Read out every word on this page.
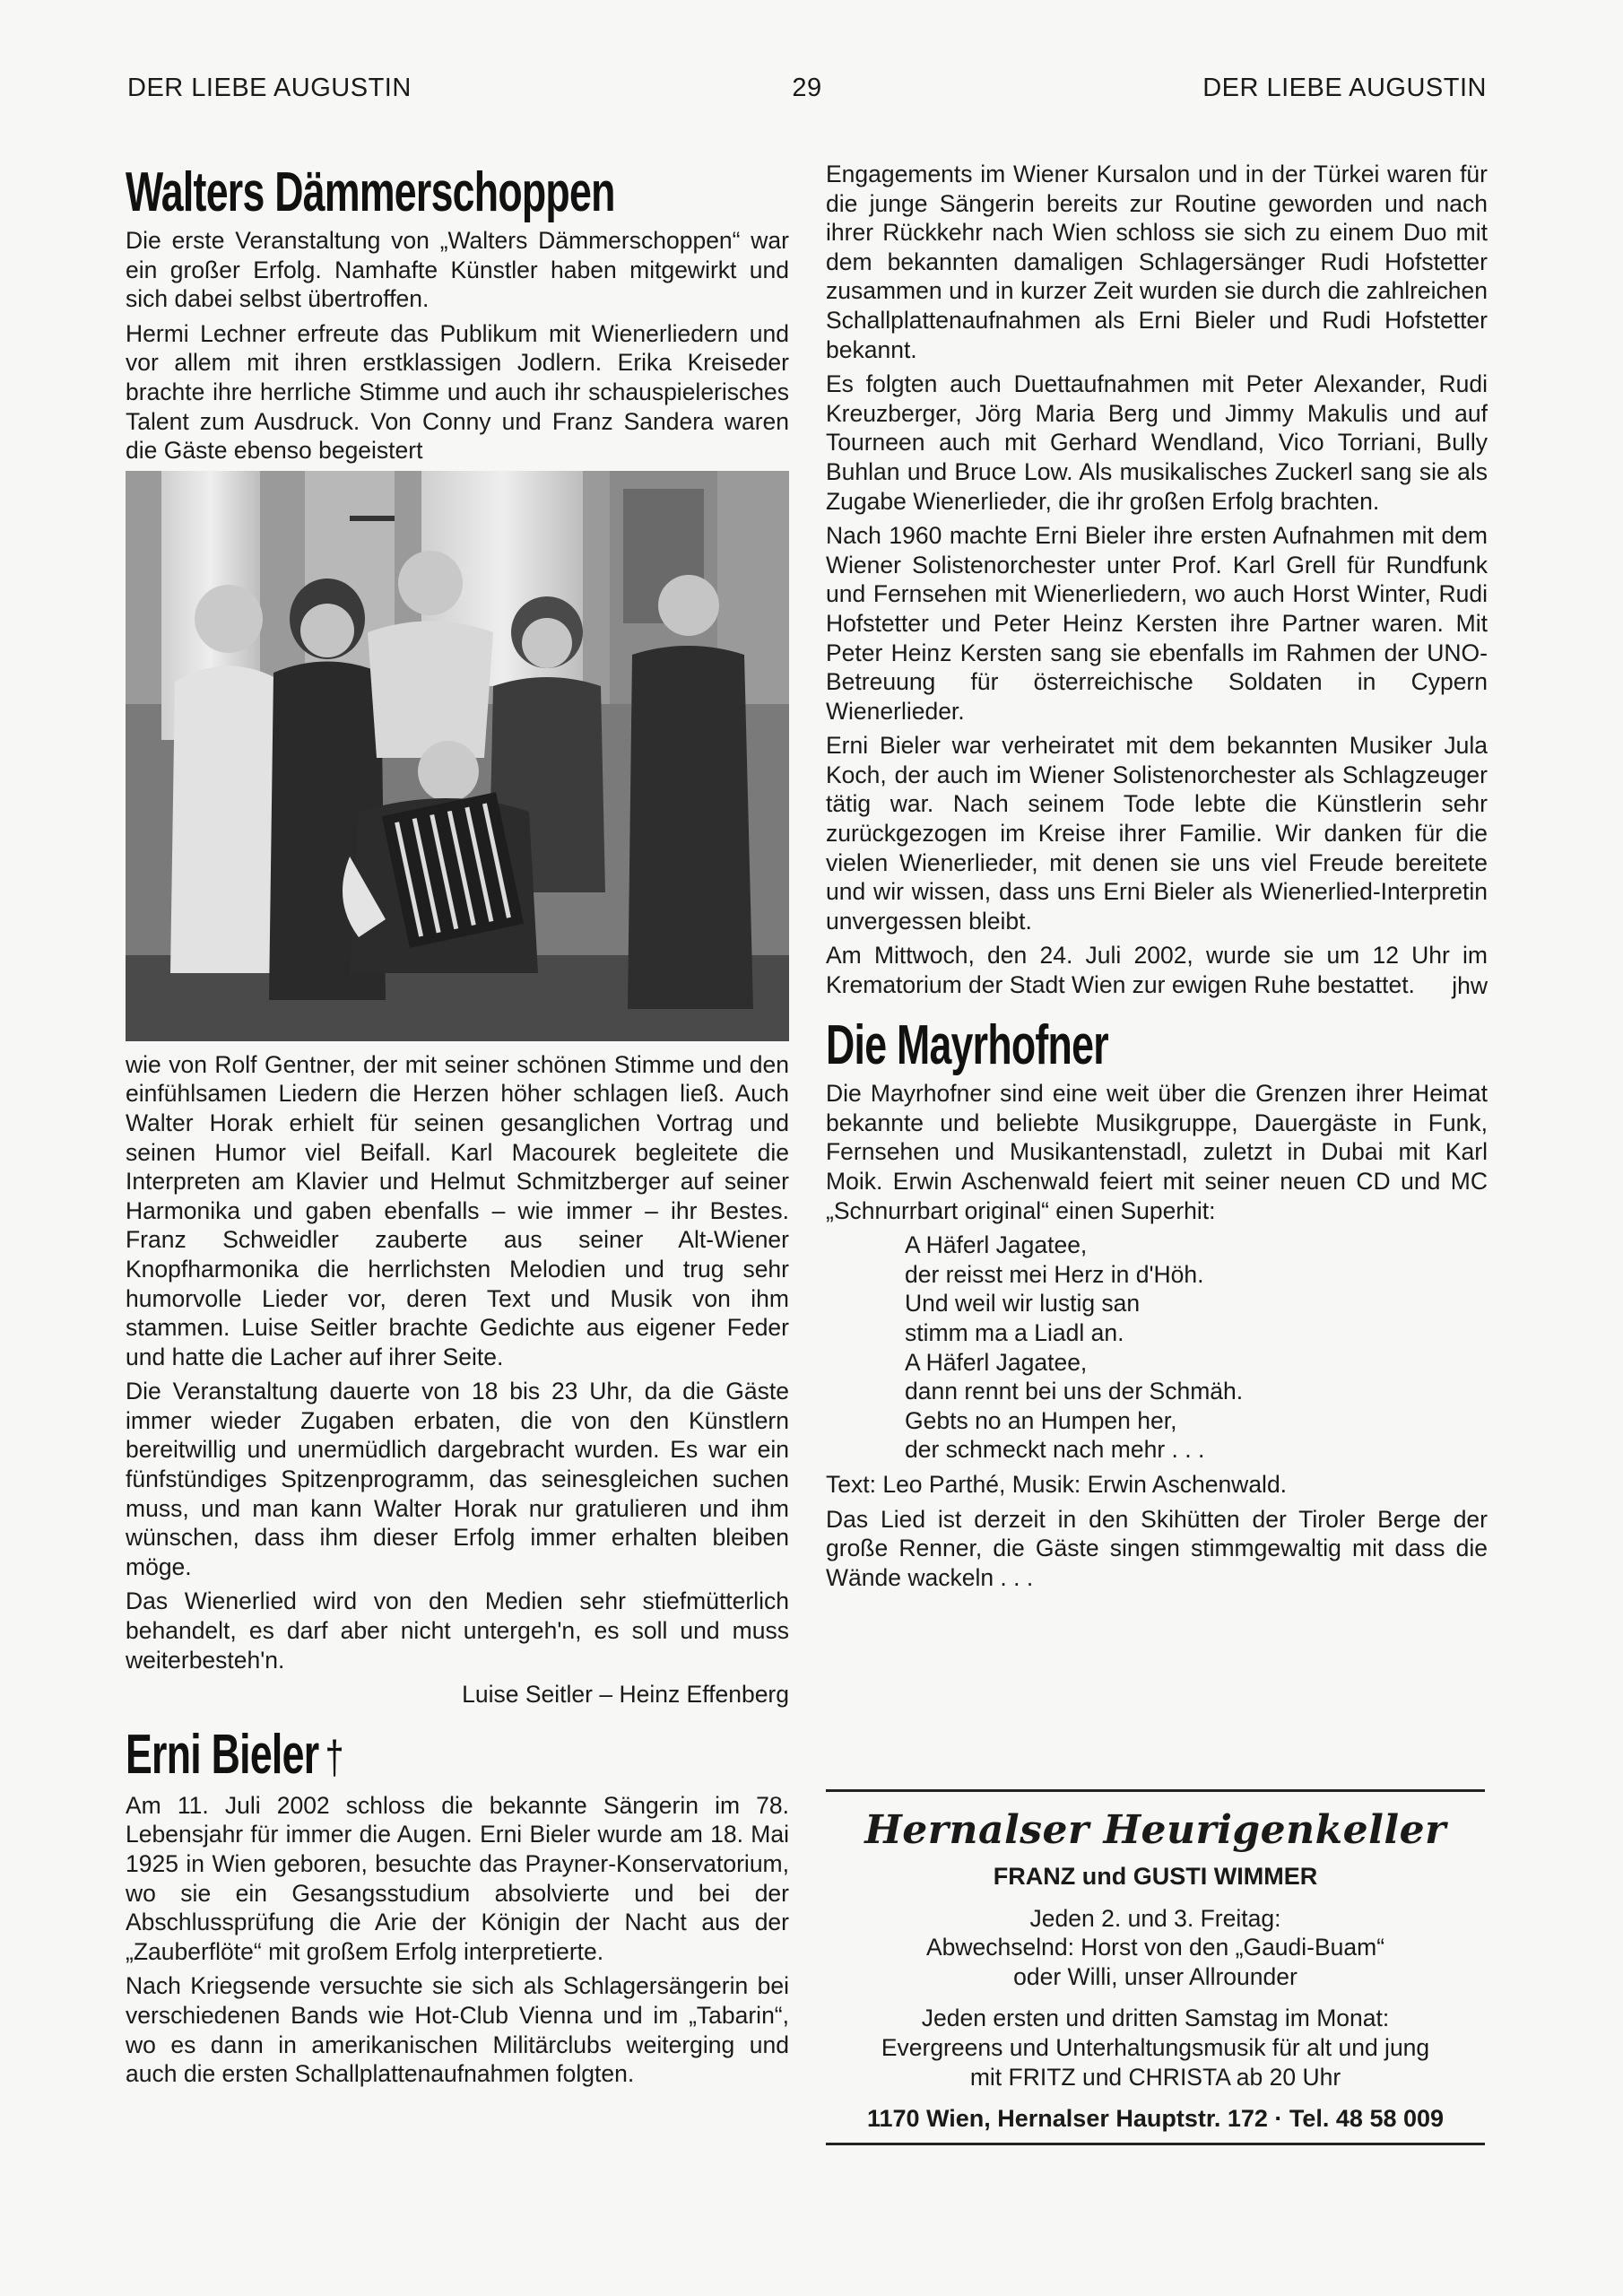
DER LIEBE AUGUSTIN	29	DER LIEBE AUGUSTIN
Walters Dämmerschoppen

Die erste Veranstaltung von „Walters Dämmerschoppen“ war ein großer Erfolg. Namhafte Künstler haben mitgewirkt und sich dabei selbst übertroffen.

Hermi Lechner erfreute das Publikum mit Wienerliedern und vor allem mit ihren erstklassigen Jodlern. Erika Kreiseder brachte ihre herrliche Stimme und auch ihr schauspielerisches Talent zum Ausdruck. Von Conny und Franz Sandera waren die Gäste ebenso begeistert

wie von Rolf Gentner, der mit seiner schönen Stimme und den einfühlsamen Liedern die Herzen höher schlagen ließ. Auch Walter Horak erhielt für seinen gesanglichen Vortrag und seinen Humor viel Beifall. Karl Macourek begleitete die Interpreten am Klavier und Helmut Schmitzberger auf seiner Harmonika und gaben ebenfalls – wie immer – ihr Bestes. Franz Schweidler zauberte aus seiner Alt-Wiener Knopfharmonika die herrlichsten Melodien und trug sehr humorvolle Lieder vor, deren Text und Musik von ihm stammen. Luise Seitler brachte Gedichte aus eigener Feder und hatte die Lacher auf ihrer Seite.

Die Veranstaltung dauerte von 18 bis 23 Uhr, da die Gäste immer wieder Zugaben erbaten, die von den Künstlern bereitwillig und unermüdlich dargebracht wurden. Es war ein fünfstündiges Spitzenprogramm, das seinesgleichen suchen muss, und man kann Walter Horak nur gratulieren und ihm wünschen, dass ihm dieser Erfolg immer erhalten bleiben möge.

Das Wienerlied wird von den Medien sehr stiefmütterlich behandelt, es darf aber nicht untergeh'n, es soll und muss weiterbesteh'n.

Luise Seitler – Heinz Effenberg

Erni Bieler †

Am 11. Juli 2002 schloss die bekannte Sängerin im 78. Lebensjahr für immer die Augen. Erni Bieler wurde am 18. Mai 1925 in Wien geboren, besuchte das Prayner-Konservatorium, wo sie ein Gesangsstudium absolvierte und bei der Abschlussprüfung die Arie der Königin der Nacht aus der „Zauberflöte“ mit großem Erfolg interpretierte.

Nach Kriegsende versuchte sie sich als Schlagersängerin bei verschiedenen Bands wie Hot-Club Vienna und im „Tabarin“, wo es dann in amerikanischen Militärclubs weiterging und auch die ersten Schallplattenaufnahmen folgten.

Engagements im Wiener Kursalon und in der Türkei waren für die junge Sängerin bereits zur Routine geworden und nach ihrer Rückkehr nach Wien schloss sie sich zu einem Duo mit dem bekannten damaligen Schlagersänger Rudi Hofstetter zusammen und in kurzer Zeit wurden sie durch die zahlreichen Schallplattenaufnahmen als Erni Bieler und Rudi Hofstetter bekannt.

Es folgten auch Duettaufnahmen mit Peter Alexander, Rudi Kreuzberger, Jörg Maria Berg und Jimmy Makulis und auf Tourneen auch mit Gerhard Wendland, Vico Torriani, Bully Buhlan und Bruce Low. Als musikalisches Zuckerl sang sie als Zugabe Wienerlieder, die ihr großen Erfolg brachten.

Nach 1960 machte Erni Bieler ihre ersten Aufnahmen mit dem Wiener Solistenorchester unter Prof. Karl Grell für Rundfunk und Fernsehen mit Wienerliedern, wo auch Horst Winter, Rudi Hofstetter und Peter Heinz Kersten ihre Partner waren. Mit Peter Heinz Kersten sang sie ebenfalls im Rahmen der UNO-Betreuung für österreichische Soldaten in Cypern Wienerlieder.

Erni Bieler war verheiratet mit dem bekannten Musiker Jula Koch, der auch im Wiener Solistenorchester als Schlagzeuger tätig war. Nach seinem Tode lebte die Künstlerin sehr zurückgezogen im Kreise ihrer Familie. Wir danken für die vielen Wienerlieder, mit denen sie uns viel Freude bereitete und wir wissen, dass uns Erni Bieler als Wienerlied-Interpretin unvergessen bleibt.

Am Mittwoch, den 24. Juli 2002, wurde sie um 12 Uhr im Krematorium der Stadt Wien zur ewigen Ruhe bestattet.	jhw

Die Mayrhofner

Die Mayrhofner sind eine weit über die Grenzen ihrer Heimat bekannte und beliebte Musikgruppe, Dauergäste in Funk, Fernsehen und Musikantenstadl, zuletzt in Dubai mit Karl Moik. Erwin Aschenwald feiert mit seiner neuen CD und MC „Schnurrbart original“ einen Superhit:

A Häferl Jagatee,
der reisst mei Herz in d'Höh.
Und weil wir lustig san
stimm ma a Liadl an.
A Häferl Jagatee,
dann rennt bei uns der Schmäh.
Gebts no an Humpen her,
der schmeckt nach mehr . . .

Text: Leo Parthé, Musik: Erwin Aschenwald.

Das Lied ist derzeit in den Skihütten der Tiroler Berge der große Renner, die Gäste singen stimmgewaltig mit dass die Wände wackeln . . .

Hernalser Heurigenkeller
FRANZ und GUSTI WIMMER

Jeden 2. und 3. Freitag:
Abwechselnd: Horst von den „Gaudi-Buam“
oder Willi, unser Allrounder

Jeden ersten und dritten Samstag im Monat:
Evergreens und Unterhaltungsmusik für alt und jung
mit FRITZ und CHRISTA ab 20 Uhr

1170 Wien, Hernalser Hauptstr. 172 · Tel. 48 58 009
